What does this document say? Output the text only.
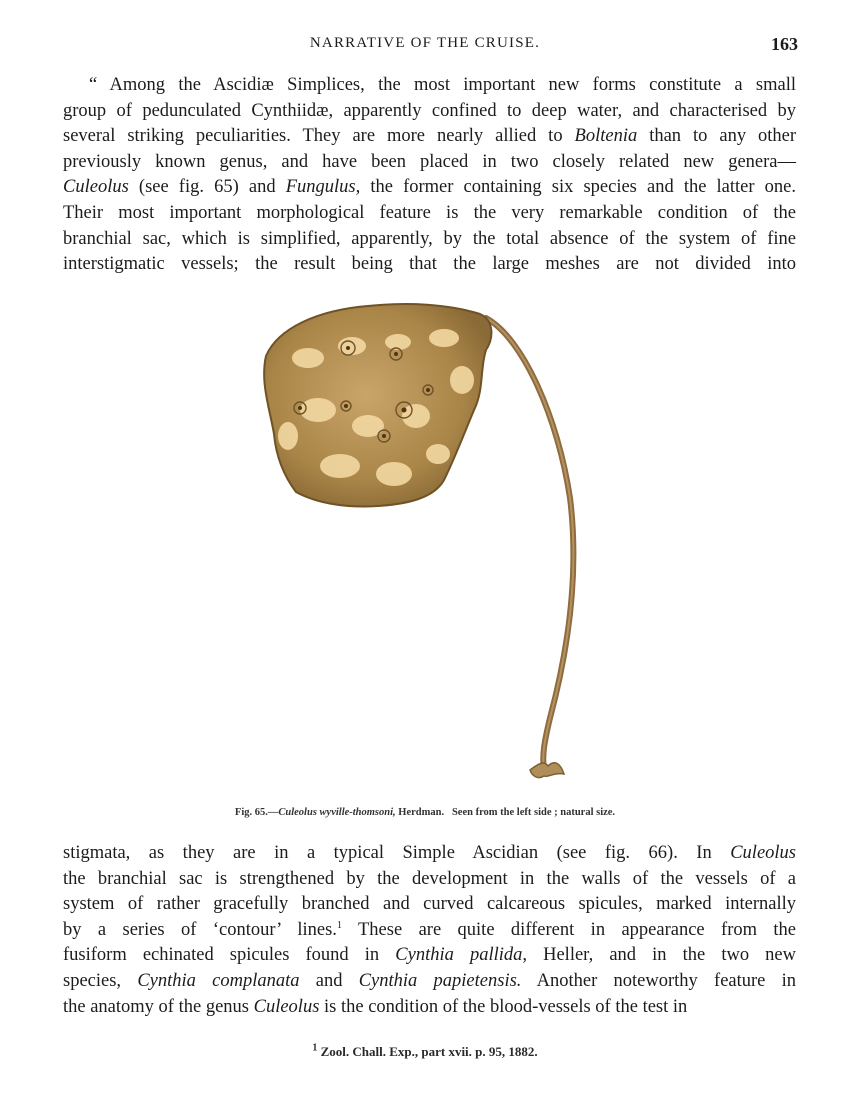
NARRATIVE OF THE CRUISE.	163
“ Among the Ascidiæ Simplices, the most important new forms constitute a small
group of pedunculated Cynthiidæ, apparently confined to deep water, and characterised by
several striking peculiarities. They are more nearly allied to Boltenia than to any other
previously known genus, and have been placed in two closely related new genera—
Culeolus (see fig. 65) and Fungulus, the former containing six species and the latter one.
Their most important morphological feature is the very remarkable condition of the
branchial sac, which is simplified, apparently, by the total absence of the system of fine
interstigmatic vessels; the result being that the large meshes are not divided into
Fig. 65.—Culeolus wyville-thomsoni, Herdman. Seen from the left side ; natural size.
stigmata, as they are in a typical Simple Ascidian (see fig. 66). In Culeolus
the branchial sac is strengthened by the development in the walls of the vessels of a
system of rather gracefully branched and curved calcareous spicules, marked internally
by a series of ‘contour’ lines.$^1$ These are quite different in appearance from the
fusiform echinated spicules found in Cynthia pallida, Heller, and in the two new
species, Cynthia complanata and Cynthia papietensis. Another noteworthy feature in
the anatomy of the genus Culeolus is the condition of the blood-vessels of the test in
$^1$ Zool. Chall. Exp., part xvii. p. 95, 1882.
